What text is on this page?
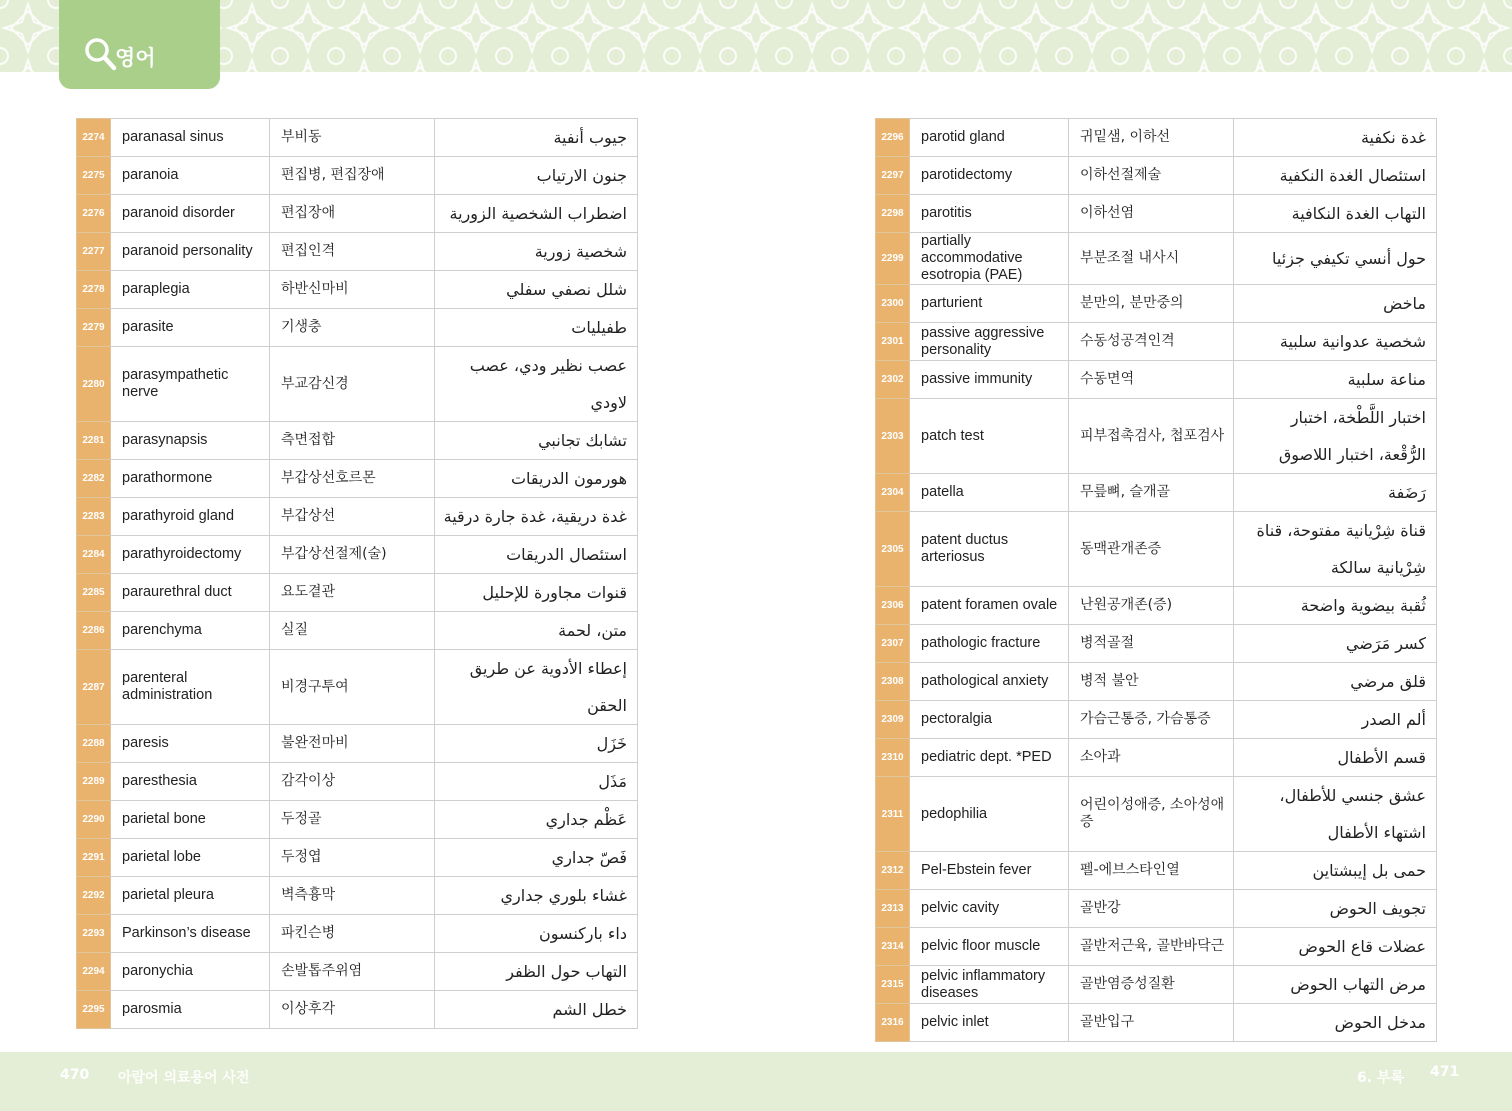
영어
2274	paranasal sinus	부비동	جيوب أنفية
2275	paranoia	편집병, 편집장애	جنون الارتياب
2276	paranoid disorder	편집장애	اضطراب الشخصية الزورية
2277	paranoid personality	편집인격	شخصية زورية
2278	paraplegia	하반신마비	شلل نصفي سفلي
2279	parasite	기생충	طفيليات
2280	parasympathetic nerve	부교감신경	عصب نظير ودي، عصب لاودي
2281	parasynapsis	측면접합	تشابك تجانبي
2282	parathormone	부갑상선호르몬	هورمون الدريقات
2283	parathyroid gland	부갑상선	غدة دريقية، غدة جارة درقية
2284	parathyroidectomy	부갑상선절제(술)	استئصال الدريقات
2285	paraurethral duct	요도곁관	قنوات مجاورة للإحليل
2286	parenchyma	실질	متن، لحمة
2287	parenteral administration	비경구투여	إعطاء الأدوية عن طريق الحقن
2288	paresis	불완전마비	خَزَل
2289	paresthesia	감각이상	مَذَل
2290	parietal bone	두정골	عَظْم جداري
2291	parietal lobe	두정엽	فَصّ جداري
2292	parietal pleura	벽측흉막	غشاء بلوري جداري
2293	Parkinson’s disease	파킨슨병	داء باركنسون
2294	paronychia	손발톱주위염	التهاب حول الظفر
2295	parosmia	이상후각	خطل الشم
2296	parotid gland	귀밑샘, 이하선	غدة نكفية
2297	parotidectomy	이하선절제술	استئصال الغدة النكفية
2298	parotitis	이하선염	التهاب الغدة النكافية
2299	partially accommodative esotropia (PAE)	부분조절 내사시	حول أنسي تكيفي جزئيا
2300	parturient	분만의, 분만중의	ماخض
2301	passive aggressive personality	수동성공격인격	شخصية عدوانية سلبية
2302	passive immunity	수동면역	مناعة سلبية
2303	patch test	피부접촉검사, 첩포검사	اختبار اللَّطْخة، اختبار الرُّقْعة، اختبار اللاصوق
2304	patella	무릎뼈, 슬개골	رَضَفة
2305	patent ductus arteriosus	동맥관개존증	قناة شِرْيانية مفتوحة، قناة شِرْيانية سالكة
2306	patent foramen ovale	난원공개존(증)	ثُقبة بيضوية واضحة
2307	pathologic fracture	병적골절	كسر مَرَضي
2308	pathological anxiety	병적 불안	قلق مرضي
2309	pectoralgia	가슴근통증, 가슴통증	ألم الصدر
2310	pediatric dept. *PED	소아과	قسم الأطفال
2311	pedophilia	어린이성애증, 소아성애증	عشق جنسي للأطفال، اشتهاء الأطفال
2312	Pel-Ebstein fever	펠-에브스타인열	حمى بل إيبشتاين
2313	pelvic cavity	골반강	تجويف الحوض
2314	pelvic floor muscle	골반저근육, 골반바닥근	عضلات قاع الحوض
2315	pelvic inflammatory diseases	골반염증성질환	مرض التهاب الحوض
2316	pelvic inlet	골반입구	مدخل الحوض
470 아랍어 의료용어 사전	6. 부록 471
